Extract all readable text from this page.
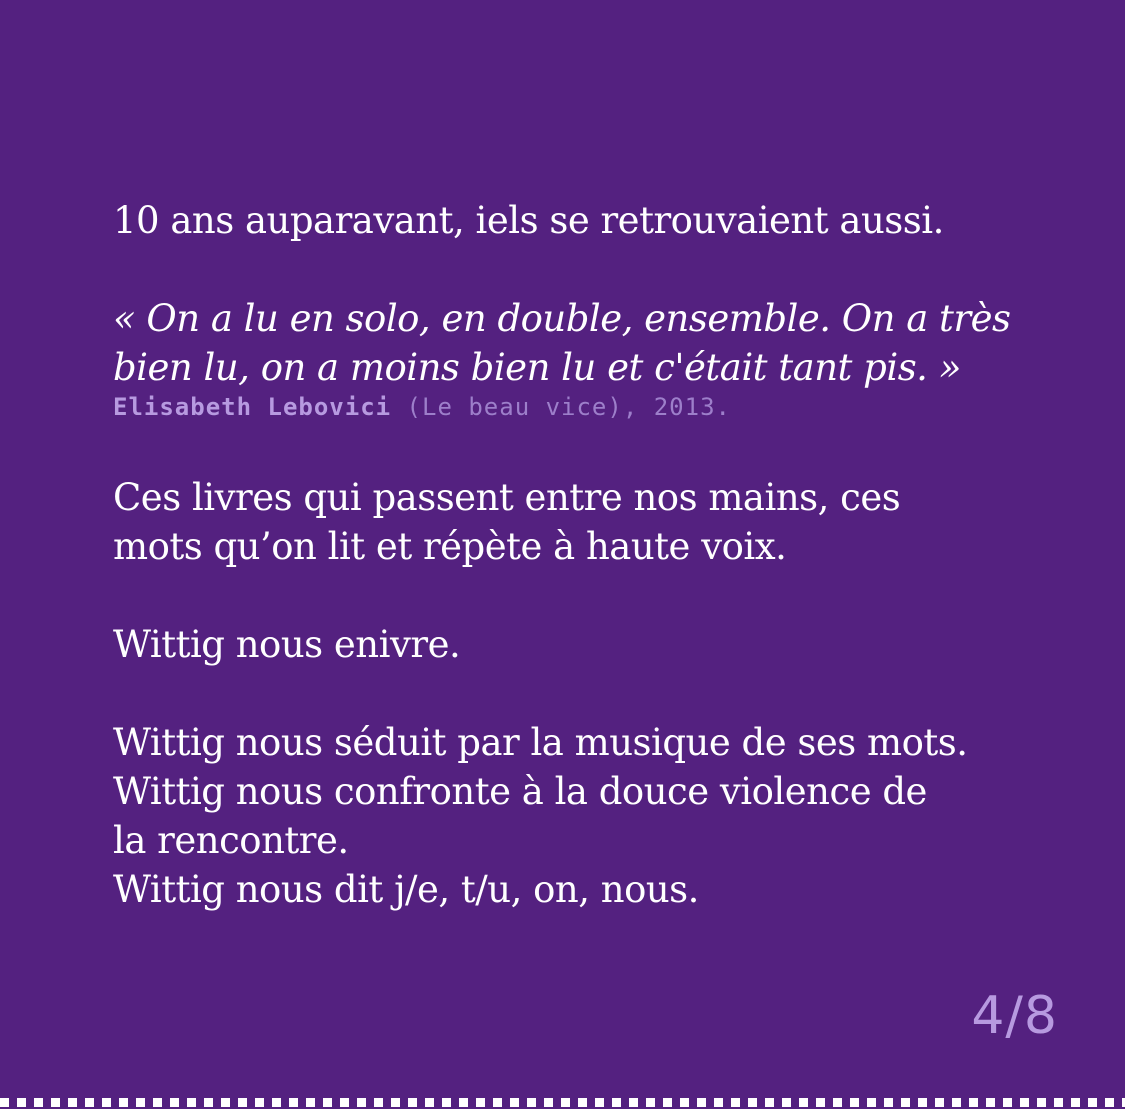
10 ans auparavant, iels se retrouvaient aussi.

« On a lu en solo, en double, ensemble. On a très
bien lu, on a moins bien lu et c'était tant pis. »

Elisabeth Lebovici (Le beau vice), 2013.

Ces livres qui passent entre nos mains, ces
mots qu’on lit et répète à haute voix.
Wittig nous enivre.
Wittig nous séduit par la musique de ses mots.
Wittig nous confronte à la douce violence de
la rencontre.
Wittig nous dit j/e, t/u, on, nous.
4/8
